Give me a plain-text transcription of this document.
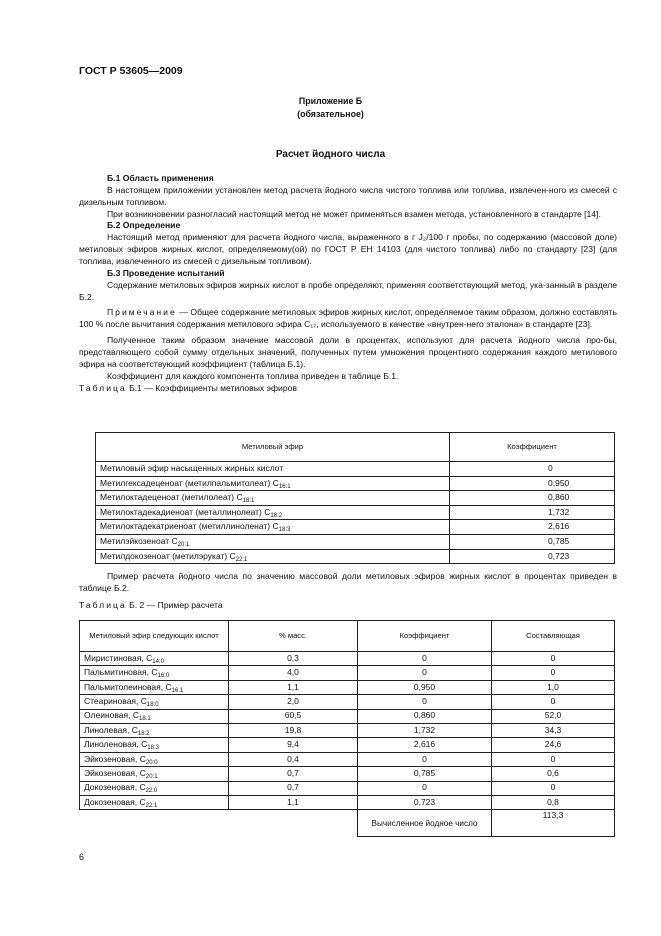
ГОСТ Р 53605—2009
Приложение Б
(обязательное)
Расчет йодного числа

Б.1 Область применения

В настоящем приложении установлен метод расчета йодного числа чистого топлива или топлива, извлечен-ного из смесей с дизельным топливом.

При возникновении разногласий настоящий метод не может применяться взамен метода, установленного в стандарте [14].

Б.2 Определение

Настоящий метод применяют для расчета йодного числа, выраженного в г J₂/100 г пробы, по содержанию (массовой доле) метиловых эфиров жирных кислот, определяемому(ой) по ГОСТ Р ЕН 14103 (для чистого топлива) либо по стандарту [23] (для топлива, извлеченного из смесей с дизельным топливом).

Б.3 Проведение испытаний

Содержание метиловых эфиров жирных кислот в пробе определяют, применяя соответствующий метод, ука-занный в разделе Б.2.

Примечание — Общее содержание метиловых эфиров жирных кислот, определяемое таким образом, должно составлять 100 % после вычитания содержания метилового эфира С₁₇, используемого в качестве «внутрен-него эталона» в стандарте [23].

Полученное таким образом значение массовой доли в процентах, используют для расчета йодного числа про-бы, представляющего собой сумму отдельных значений, полученных путем умножения процентного содержания каждого метилового эфира на соответствующий коэффициент (таблица Б.1).

Коэффициент для каждого компонента топлива приведен в таблице Б.1.

Таблица Б.1 — Коэффициенты метиловых эфиров

Метиловый эфир	Коэффициент
Метиловый эфир насыщенных жирных кислот	0
Метилгексадеценоат (метилпальмитолеат) $С_{16:1}$	0,950
Метилоктадеценоат (метилолеат) $С_{18:1}$	0,860
Метилоктадекадиеноат (металлинолеат) $С_{18:2}$	1,732
Метилоктадекатриеноат (метиллиноленат) $С_{18:3}$	2,616
Метилэйкозеноат $С_{20:1}$	0,785
Метилдокозеноат (метилэрукат) $С_{22:1}$	0,723

Пример расчета йодного числа по значению массовой доли метиловых эфиров жирных кислот в процентах приведен в таблице Б.2.

Таблица Б. 2 — Пример расчета

Метиловый эфир следующих кислот	% масс.	Коэффициент	Составляющая
Миристиновая, $С_{14:0}$	0,3	0	0
Пальмитиновая, $С_{16:0}$	4,0	0	0
Пальмитолеиновая, $С_{16:1}$	1,1	0,950	1,0
Стеариновая, $С_{18:0}$	2,0	0	0
Олеиновая, $С_{18:1}$	60,5	0,860	52,0
Линолевая, $С_{18:2}$	19,8	1,732	34,3
Линоленовая, $С_{18:3}$	9,4	2,616	24,6
Эйкозеновая, $С_{20:0}$	0,4	0	0
Эйкозеновая, $С_{20:1}$	0,7	0,785	0,6
Докозеновая, $С_{22:0}$	0,7	0	0
Докозеновая, $С_{22:1}$	1,1	0,723	0,8
		Вычисленное йодное число	113,3
6
